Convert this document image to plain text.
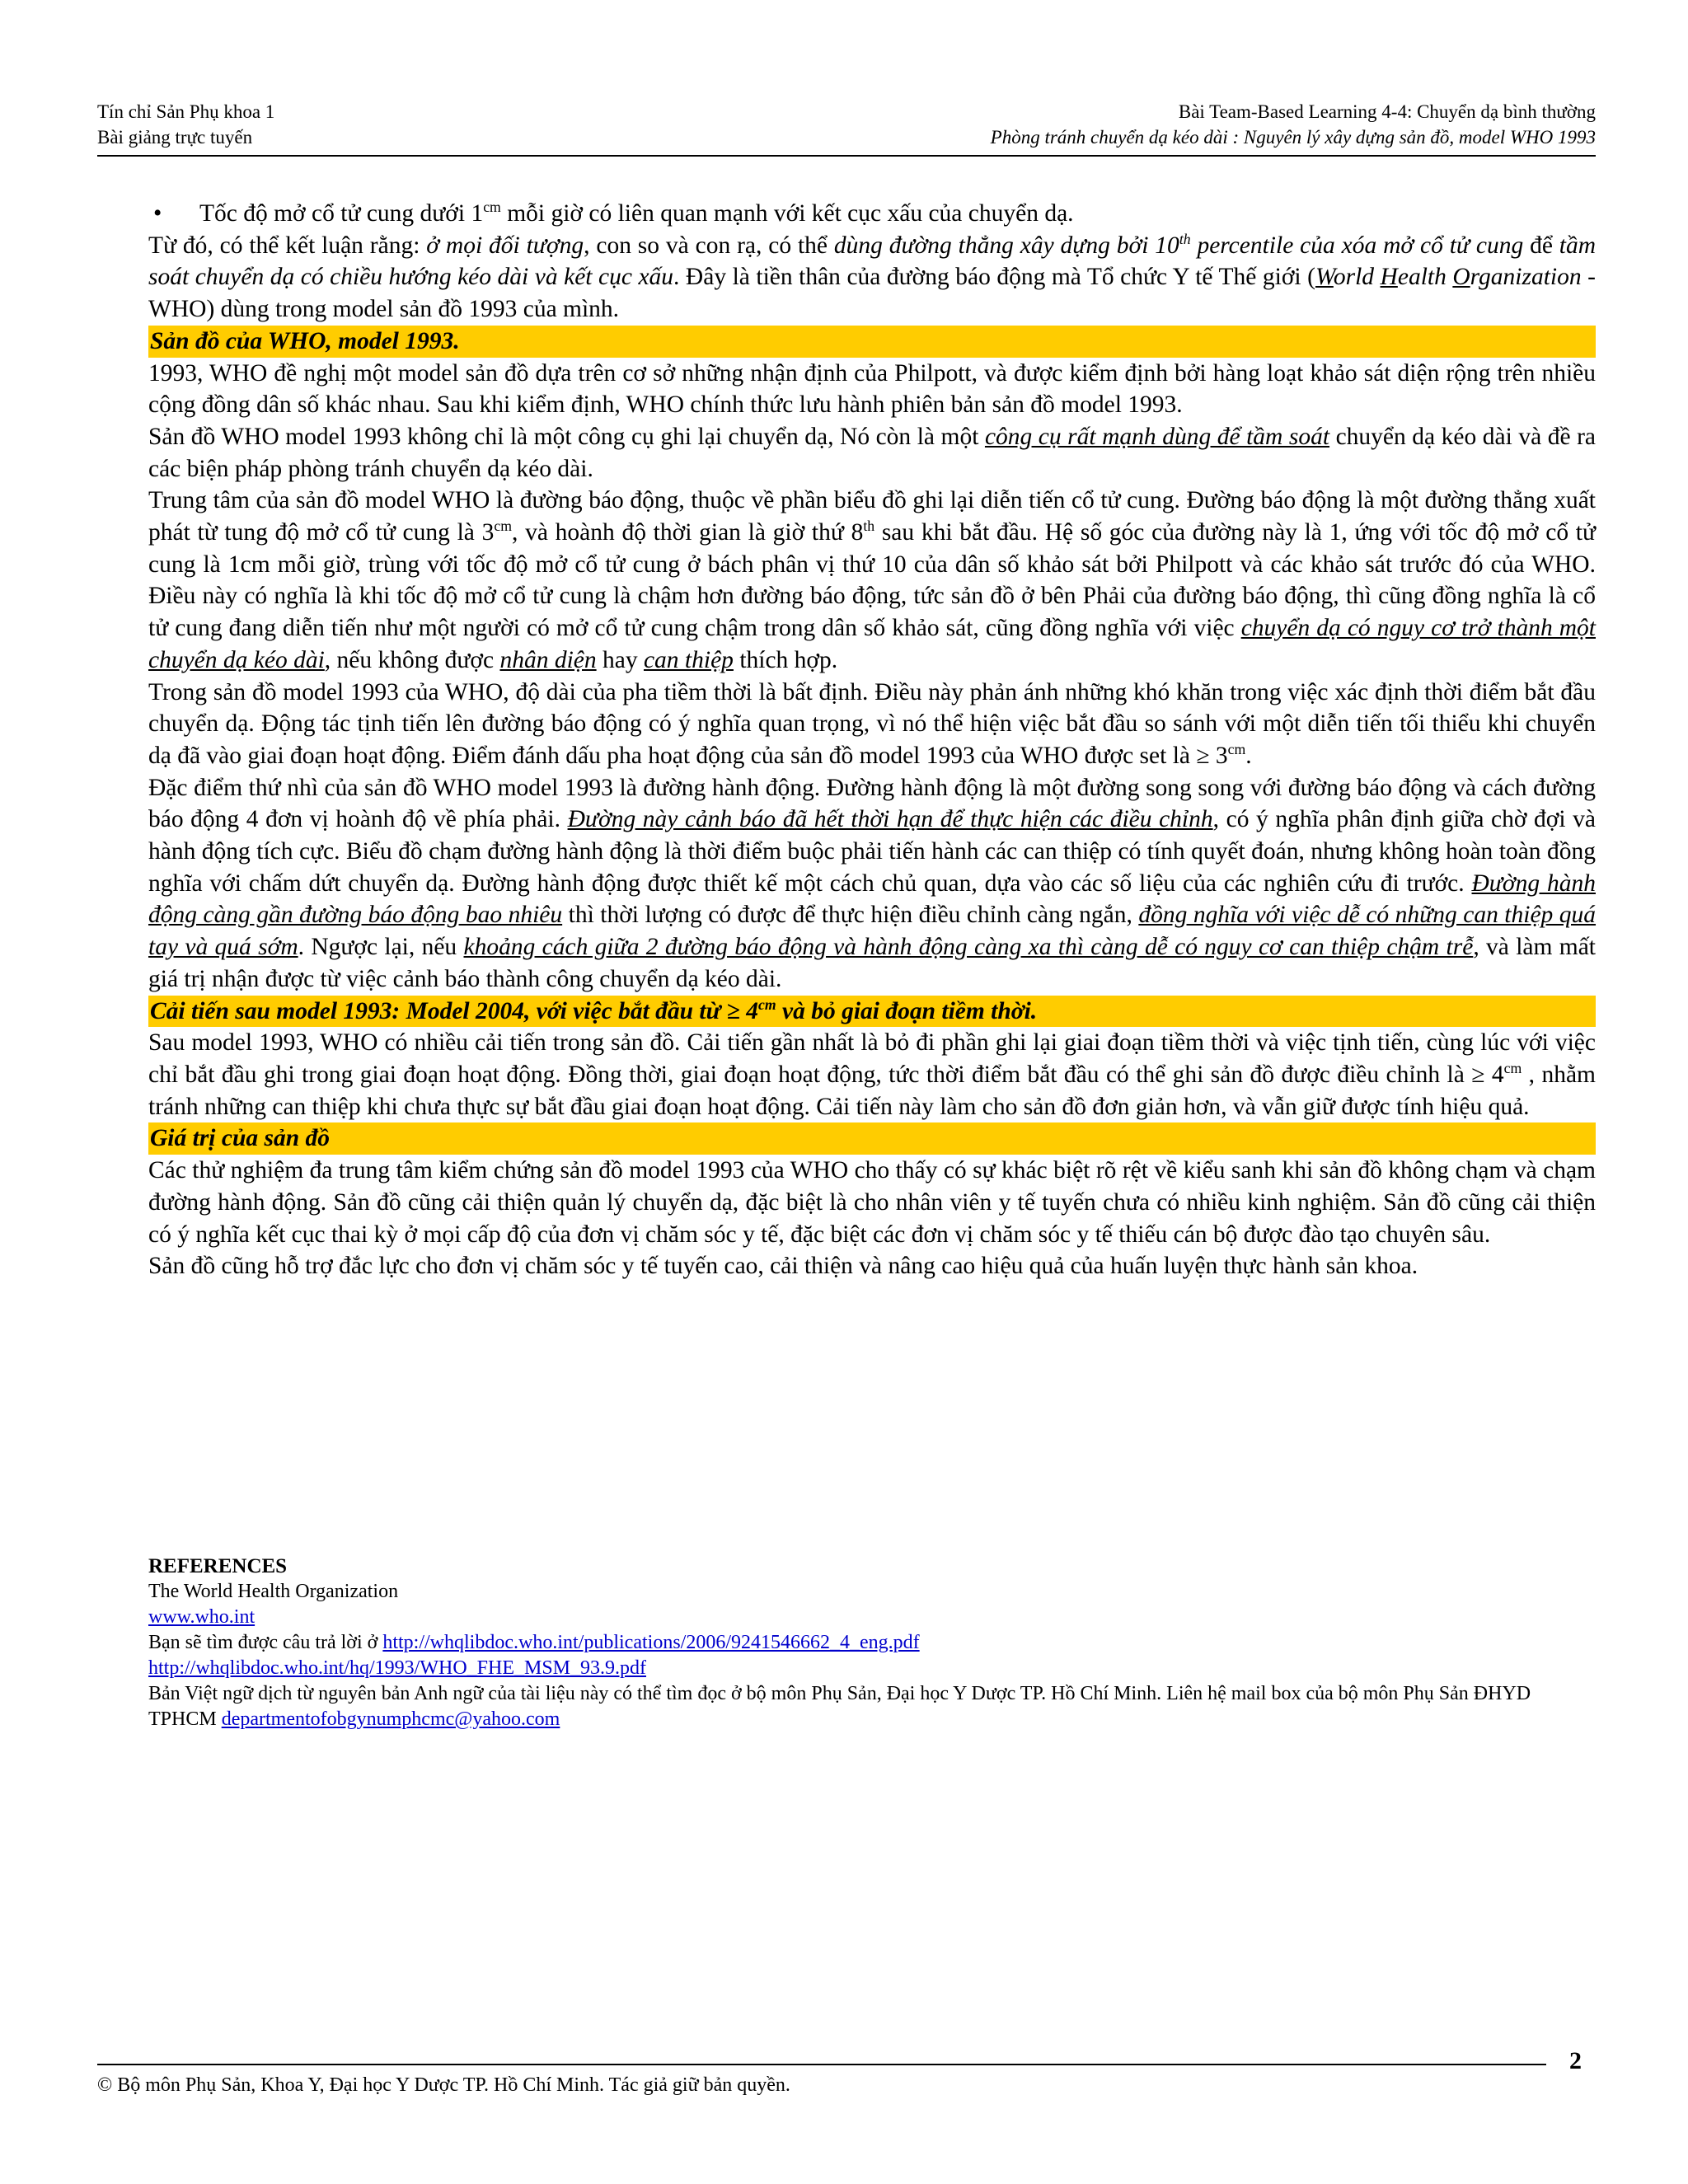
Tín chỉ Sản Phụ khoa 1
Bài giảng trực tuyến
Bài Team-Based Learning 4-4: Chuyển dạ bình thường
Phòng tránh chuyển dạ kéo dài : Nguyên lý xây dựng sản đồ, model WHO 1993

• Tốc độ mở cổ tử cung dưới $1^{cm}$ mỗi giờ có liên quan mạnh với kết cục xấu của chuyển dạ.

Từ đó, có thể kết luận rằng: ở mọi đối tượng, con so và con rạ, có thể dùng đường thẳng xây dựng bởi 10th percentile của xóa mở cổ tử cung để tầm soát chuyển dạ có chiều hướng kéo dài và kết cục xấu. Đây là tiền thân của đường báo động mà Tổ chức Y tế Thế giới (World Health Organization - WHO) dùng trong model sản đồ 1993 của mình.

Sản đồ của WHO, model 1993.

1993, WHO đề nghị một model sản đồ dựa trên cơ sở những nhận định của Philpott, và được kiểm định bởi hàng loạt khảo sát diện rộng trên nhiều cộng đồng dân số khác nhau. Sau khi kiểm định, WHO chính thức lưu hành phiên bản sản đồ model 1993.

Sản đồ WHO model 1993 không chỉ là một công cụ ghi lại chuyển dạ, Nó còn là một công cụ rất mạnh dùng để tầm soát chuyển dạ kéo dài và đề ra các biện pháp phòng tránh chuyển dạ kéo dài.

Trung tâm của sản đồ model WHO là đường báo động, thuộc về phần biểu đồ ghi lại diễn tiến cổ tử cung. Đường báo động là một đường thẳng xuất phát từ tung độ mở cổ tử cung là $3^{cm}$, và hoành độ thời gian là giờ thứ 8th sau khi bắt đầu. Hệ số góc của đường này là 1, ứng với tốc độ mở cổ tử cung là 1cm mỗi giờ, trùng với tốc độ mở cổ tử cung ở bách phân vị thứ 10 của dân số khảo sát bởi Philpott và các khảo sát trước đó của WHO. Điều này có nghĩa là khi tốc độ mở cổ tử cung là chậm hơn đường báo động, tức sản đồ ở bên Phải của đường báo động, thì cũng đồng nghĩa là cổ tử cung đang diễn tiến như một người có mở cổ tử cung chậm trong dân số khảo sát, cũng đồng nghĩa với việc chuyển dạ có nguy cơ trở thành một chuyển dạ kéo dài, nếu không được nhân diện hay can thiệp thích hợp.

Trong sản đồ model 1993 của WHO, độ dài của pha tiềm thời là bất định. Điều này phản ánh những khó khăn trong việc xác định thời điểm bắt đầu chuyển dạ. Động tác tịnh tiến lên đường báo động có ý nghĩa quan trọng, vì nó thể hiện việc bắt đầu so sánh với một diễn tiến tối thiểu khi chuyển dạ đã vào giai đoạn hoạt động. Điểm đánh dấu pha hoạt động của sản đồ model 1993 của WHO được set là ≥ $3^{cm}$.

Đặc điểm thứ nhì của sản đồ WHO model 1993 là đường hành động. Đường hành động là một đường song song với đường báo động và cách đường báo động 4 đơn vị hoành độ về phía phải. Đường này cảnh báo đã hết thời hạn để thực hiện các điều chỉnh, có ý nghĩa phân định giữa chờ đợi và hành động tích cực. Biểu đồ chạm đường hành động là thời điểm buộc phải tiến hành các can thiệp có tính quyết đoán, nhưng không hoàn toàn đồng nghĩa với chấm dứt chuyển dạ. Đường hành động được thiết kế một cách chủ quan, dựa vào các số liệu của các nghiên cứu đi trước. Đường hành động càng gần đường báo động bao nhiêu thì thời lượng có được để thực hiện điều chỉnh càng ngắn, đồng nghĩa với việc dễ có những can thiệp quá tay và quá sớm. Ngược lại, nếu khoảng cách giữa 2 đường báo động và hành động càng xa thì càng dễ có nguy cơ can thiệp chậm trễ, và làm mất giá trị nhận được từ việc cảnh báo thành công chuyển dạ kéo dài.

Cải tiến sau model 1993: Model 2004, với việc bắt đầu từ ≥ $4^{cm}$ và bỏ giai đoạn tiềm thời.

Sau model 1993, WHO có nhiều cải tiến trong sản đồ. Cải tiến gần nhất là bỏ đi phần ghi lại giai đoạn tiềm thời và việc tịnh tiến, cùng lúc với việc chỉ bắt đầu ghi trong giai đoạn hoạt động. Đồng thời, giai đoạn hoạt động, tức thời điểm bắt đầu có thể ghi sản đồ được điều chỉnh là ≥ $4^{cm}$ , nhằm tránh những can thiệp khi chưa thực sự bắt đầu giai đoạn hoạt động. Cải tiến này làm cho sản đồ đơn giản hơn, và vẫn giữ được tính hiệu quả.

Giá trị của sản đồ

Các thử nghiệm đa trung tâm kiểm chứng sản đồ model 1993 của WHO cho thấy có sự khác biệt rõ rệt về kiểu sanh khi sản đồ không chạm và chạm đường hành động. Sản đồ cũng cải thiện quản lý chuyển dạ, đặc biệt là cho nhân viên y tế tuyến chưa có nhiều kinh nghiệm. Sản đồ cũng cải thiện có ý nghĩa kết cục thai kỳ ở mọi cấp độ của đơn vị chăm sóc y tế, đặc biệt các đơn vị chăm sóc y tế thiếu cán bộ được đào tạo chuyên sâu.

Sản đồ cũng hỗ trợ đắc lực cho đơn vị chăm sóc y tế tuyến cao, cải thiện và nâng cao hiệu quả của huấn luyện thực hành sản khoa.

REFERENCES

The World Health Organization

www.who.int

Bạn sẽ tìm được câu trả lời ở http://whqlibdoc.who.int/publications/2006/9241546662_4_eng.pdf

http://whqlibdoc.who.int/hq/1993/WHO_FHE_MSM_93.9.pdf

Bản Việt ngữ dịch từ nguyên bản Anh ngữ của tài liệu này có thể tìm đọc ở bộ môn Phụ Sản, Đại học Y Dược TP. Hồ Chí Minh. Liên hệ mail box của bộ môn Phụ Sản ĐHYD TPHCM departmentofobgynumphcmc@yahoo.com

2
© Bộ môn Phụ Sản, Khoa Y, Đại học Y Dược TP. Hồ Chí Minh. Tác giả giữ bản quyền.
